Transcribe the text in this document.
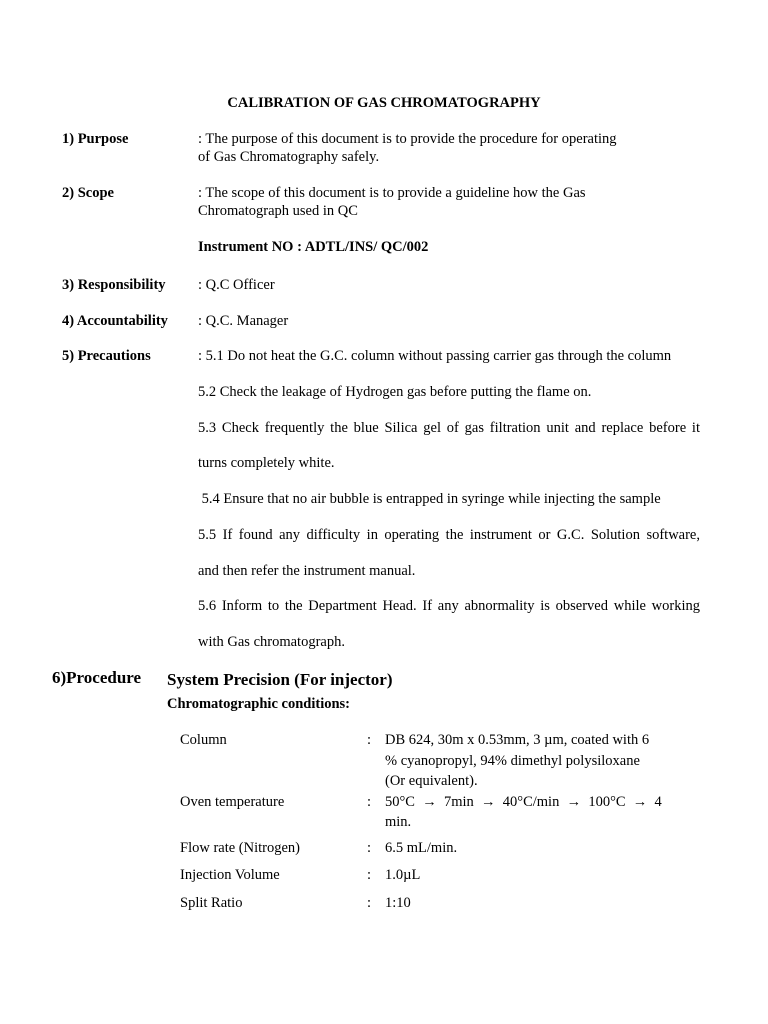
CALIBRATION OF GAS CHROMATOGRAPHY
1) Purpose	: The purpose of this document is to provide the procedure for operating
of Gas Chromatography safely.
2) Scope	: The scope of this document is to provide a guideline how the Gas
Chromatograph used in QC
Instrument NO : ADTL/INS/ QC/002
3) Responsibility : Q.C Officer
4) Accountability : Q.C. Manager
5) Precautions	: 5.1 Do not heat the G.C. column without passing carrier gas through the column
5.2 Check the leakage of Hydrogen gas before putting the flame on.
5.3 Check frequently the blue Silica gel of gas filtration unit and replace before it
turns completely white.
5.4 Ensure that no air bubble is entrapped in syringe while injecting the sample
5.5 If found any difficulty in operating the instrument or G.C. Solution software,
and then refer the instrument manual.
5.6 Inform to the Department Head. If any abnormality is observed while working
with Gas chromatograph.
6)Procedure System Precision (For injector)
Chromatographic conditions:
Column	: DB 624, 30m x 0.53mm, 3 µm, coated with 6
% cyanopropyl, 94% dimethyl polysiloxane
(Or equivalent).
Oven temperature	: 50°C  →  7min  →  40°C/min  →  100°C  →  4
min.
Flow rate (Nitrogen)	: 6.5 mL/min.
Injection Volume	: 1.0µL
Split Ratio	: 1:10
